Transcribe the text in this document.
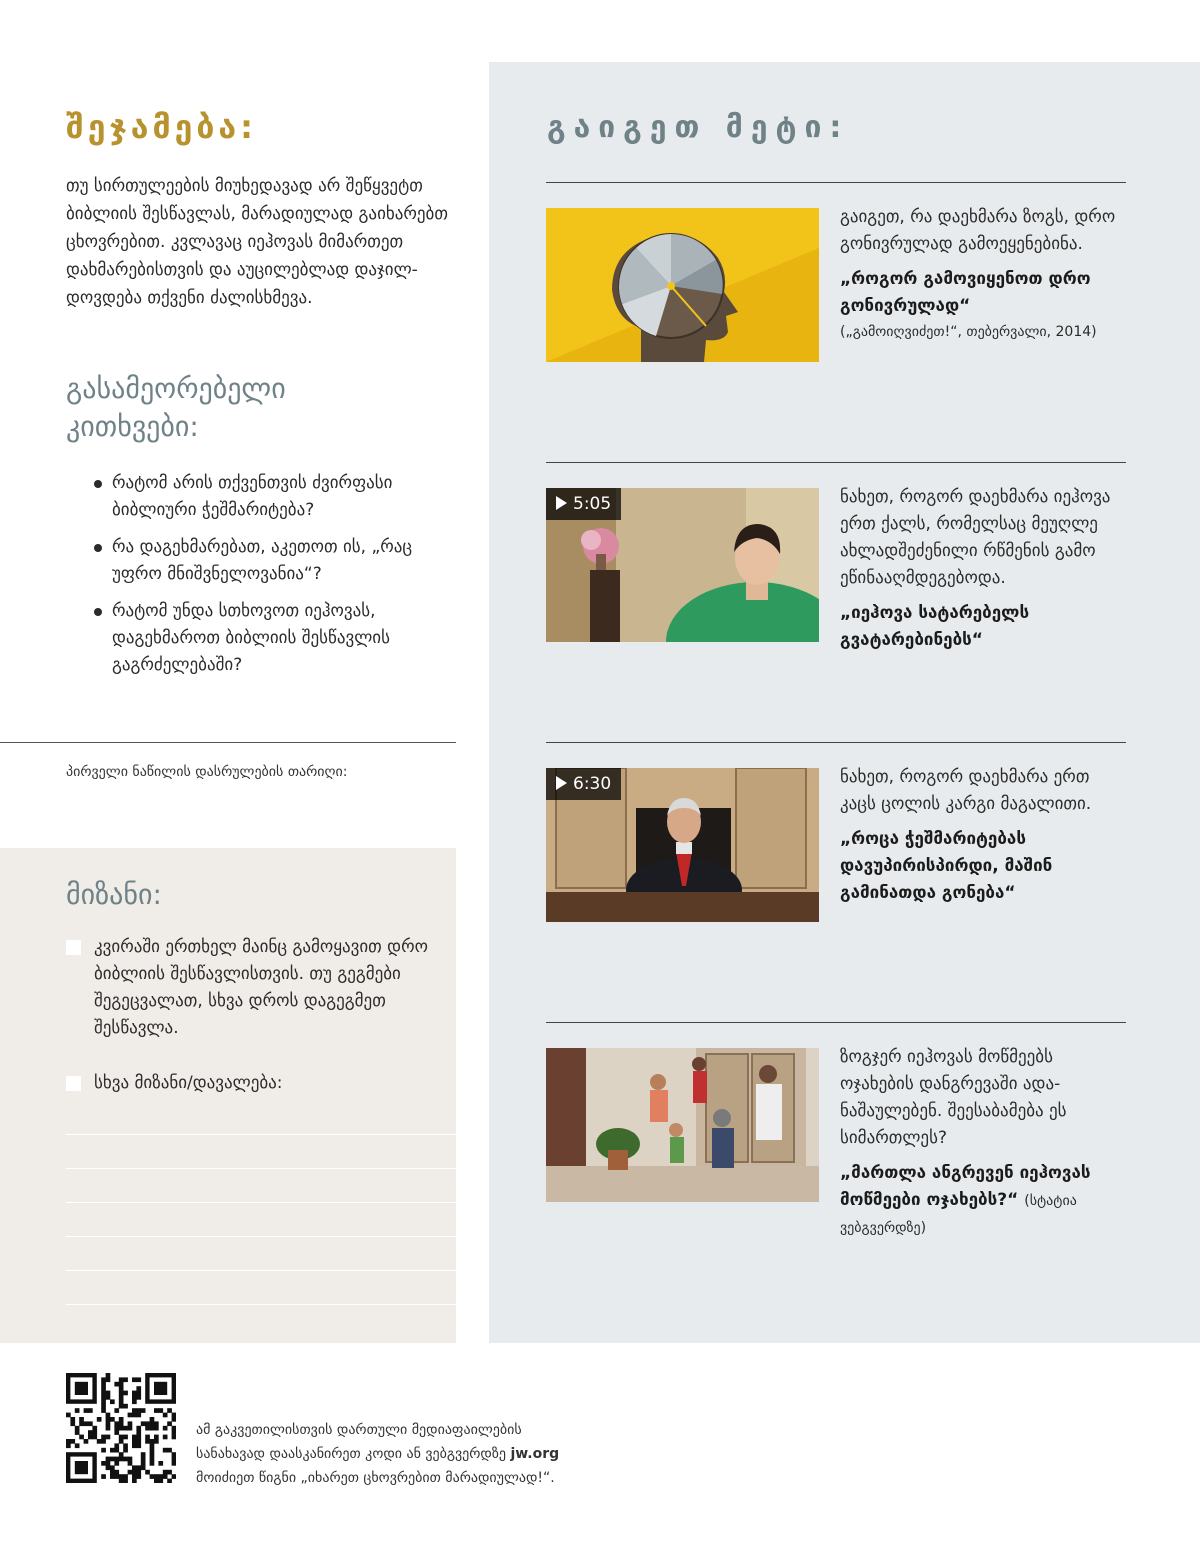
შეჯამება:
თუ სირთულეების მიუხედავად არ შეწყვეტთ ბიბლიის შესწავლას, მარადიულად გაიხარებთ ცხოვრებით. კვლავაც იეჰოვას მიმართეთ დახმარებისთვის და აუცილებლად დაჯილდოვდება თქვენი ძალისხმევა.
გასამეორებელი კითხვები:
რატომ არის თქვენთვის ძვირფასი ბიბლიური ჭეშმარიტება?
რა დაგეხმარებათ, აკეთოთ ის, „რაც უფრო მნიშვნელოვანია“?
რატომ უნდა სთხოვოთ იეჰოვას, დაგეხმაროთ ბიბლიის შესწავლის გაგრძელებაში?
პირველი ნაწილის დასრულების თარიღი:
მიზანი:
კვირაში ერთხელ მაინც გამოყავით დრო ბიბლიის შესწავლისთვის. თუ გეგმები შეგეცვალათ, სხვა დროს დაგეგმეთ შესწავლა.
სხვა მიზანი/დავალება:
გაიგეთ მეტი:
გაიგეთ, რა დაეხმარა ზოგს, დრო გონივრულად გამოეყენებინა.
„როგორ გამოვიყენოთ დრო გონივრულად“
(„გამოიღვიძეთ!“, თებერვალი, 2014)
5:05	ნახეთ, როგორ დაეხმარა იეჰოვა ერთ ქალს, რომელსაც მეუღლე ახლადშეძენილი რწმენის გამო ეწინააღმდეგებოდა.
„იეჰოვა სატარებელს გვატარებინებს“
6:30	ნახეთ, როგორ დაეხმარა ერთ კაცს ცოლის კარგი მაგალითი.
„როცა ჭეშმარიტებას დავუპირისპირდი, მაშინ გამინათდა გონება“
ზოგჯერ იეჰოვას მოწმეებს ოჯახების დანგრევაში ადანაშაულებენ. შეესაბამება ეს სიმართლეს?
„მართლა ანგრევენ იეჰოვას მოწმეები ოჯახებს?“ (სტატია ვებგვერდზე)
ამ გაკვეთილისთვის დართული მედიაფაილების
სანახავად დაასკანირეთ კოდი ან ვებგვერდზე jw.org
მოიძიეთ წიგნი „იხარეთ ცხოვრებით მარადიულად!“.
